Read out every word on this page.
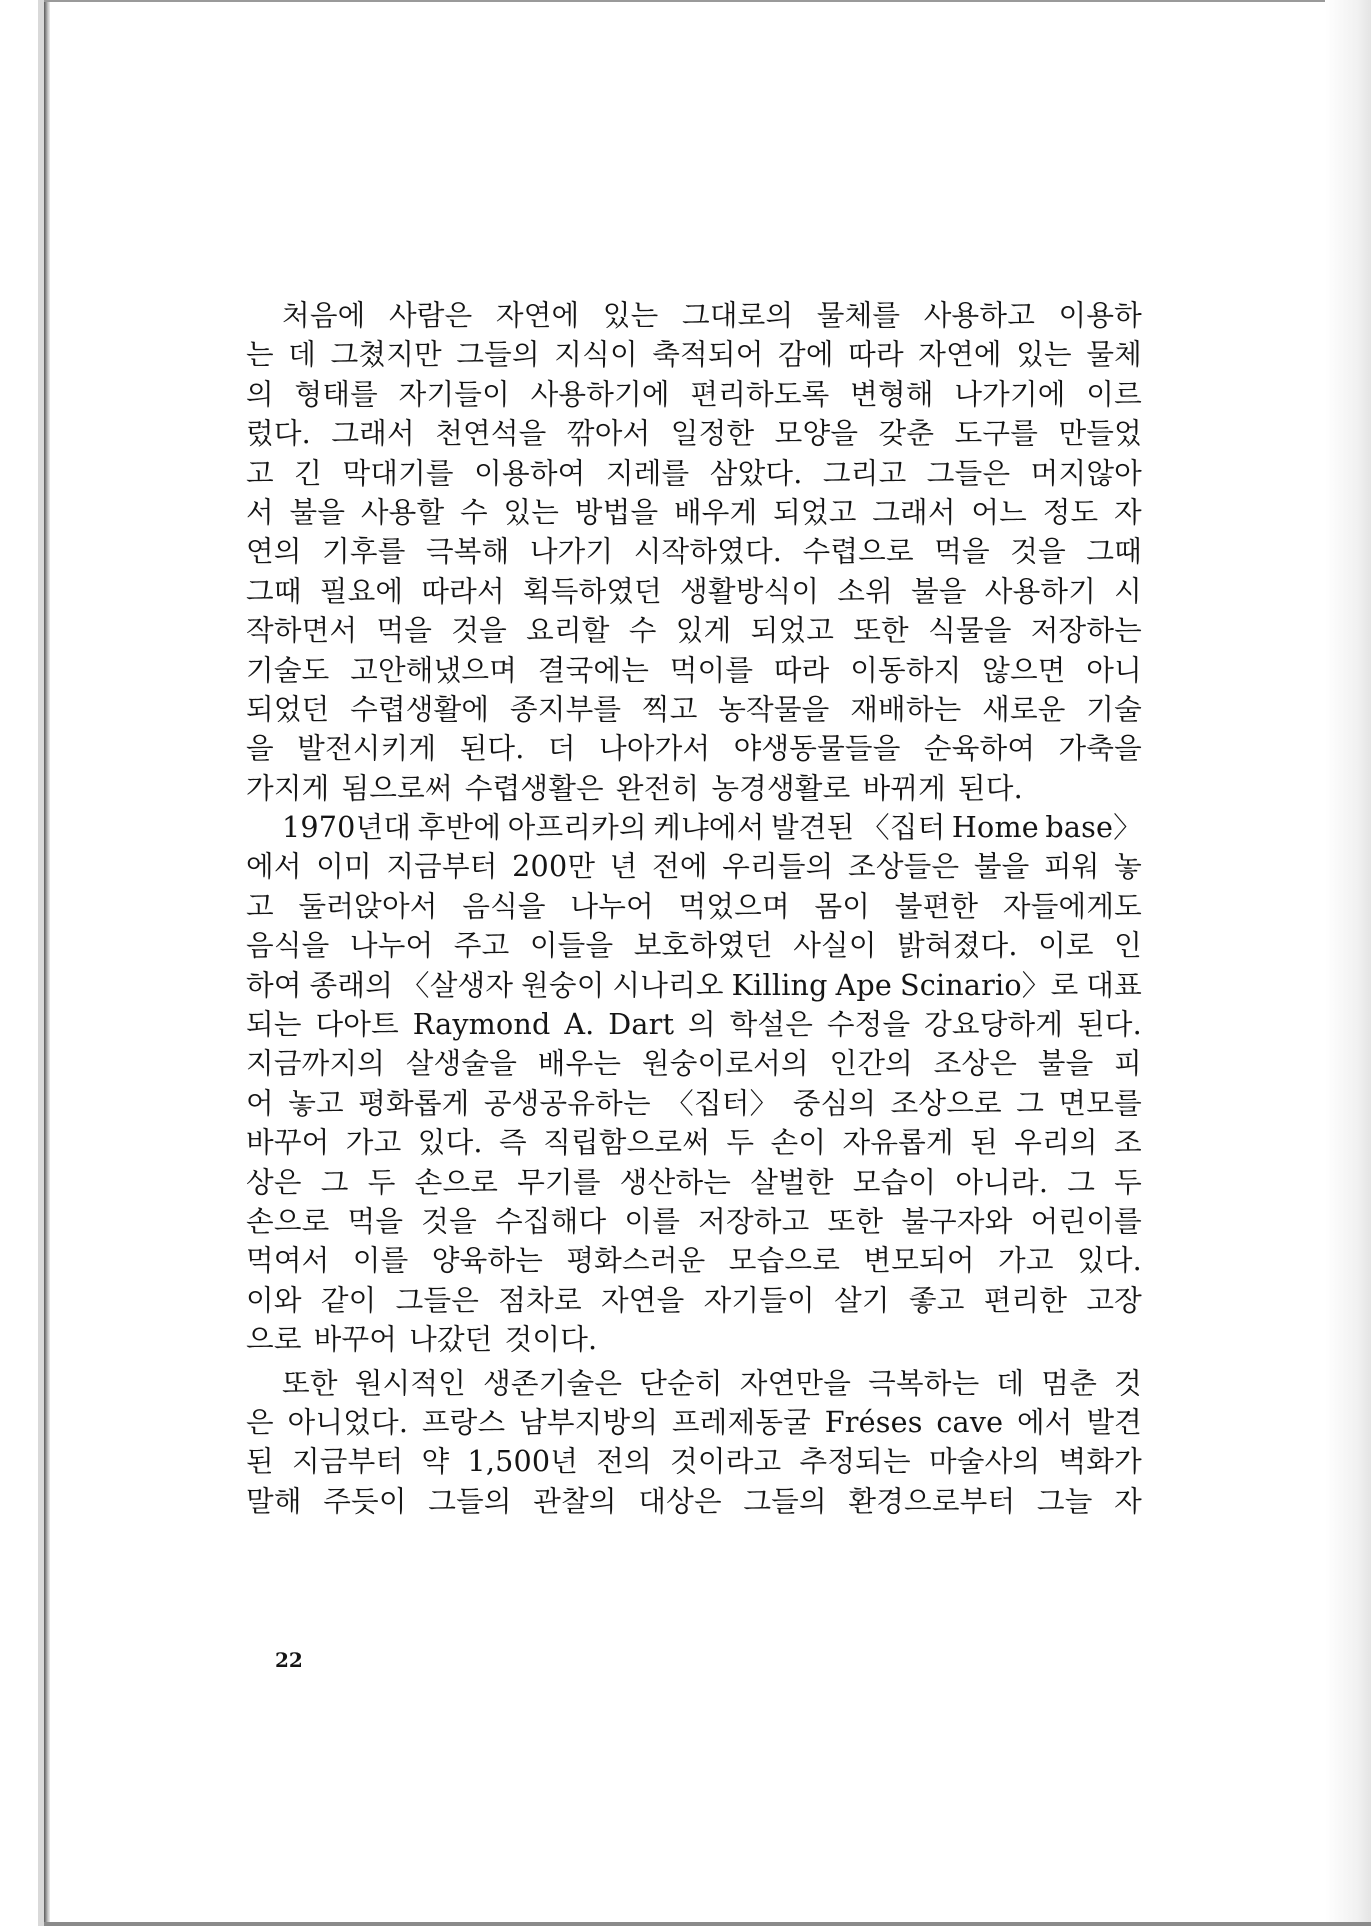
처음에 사람은 자연에 있는 그대로의 물체를 사용하고 이용하
는 데 그쳤지만 그들의 지식이 축적되어 감에 따라 자연에 있는 물체
의 형태를 자기들이 사용하기에 편리하도록 변형해 나가기에 이르
렀다. 그래서 천연석을 깎아서 일정한 모양을 갖춘 도구를 만들었
고 긴 막대기를 이용하여 지레를 삼았다. 그리고 그들은 머지않아
서 불을 사용할 수 있는 방법을 배우게 되었고 그래서 어느 정도 자
연의 기후를 극복해 나가기 시작하였다. 수렵으로 먹을 것을 그때
그때 필요에 따라서 획득하였던 생활방식이 소위 불을 사용하기 시
작하면서 먹을 것을 요리할 수 있게 되었고 또한 식물을 저장하는
기술도 고안해냈으며 결국에는 먹이를 따라 이동하지 않으면 아니
되었던 수렵생활에 종지부를 찍고 농작물을 재배하는 새로운 기술
을 발전시키게 된다. 더 나아가서 야생동물들을 순육하여 가축을
가지게 됨으로써 수렵생활은 완전히 농경생활로 바뀌게 된다.
1970년대 후반에 아프리카의 케냐에서 발견된 〈집터 Home base〉
에서 이미 지금부터 200만 년 전에 우리들의 조상들은 불을 피워 놓
고 둘러앉아서 음식을 나누어 먹었으며 몸이 불편한 자들에게도
음식을 나누어 주고 이들을 보호하였던 사실이 밝혀졌다. 이로 인
하여 종래의 〈살생자 원숭이 시나리오 Killing Ape Scinario〉로 대표
되는 다아트 Raymond A. Dart 의 학설은 수정을 강요당하게 된다.
지금까지의 살생술을 배우는 원숭이로서의 인간의 조상은 불을 피
어 놓고 평화롭게 공생공유하는 〈집터〉 중심의 조상으로 그 면모를
바꾸어 가고 있다. 즉 직립함으로써 두 손이 자유롭게 된 우리의 조
상은 그 두 손으로 무기를 생산하는 살벌한 모습이 아니라. 그 두
손으로 먹을 것을 수집해다 이를 저장하고 또한 불구자와 어린이를
먹여서 이를 양육하는 평화스러운 모습으로 변모되어 가고 있다.
이와 같이 그들은 점차로 자연을 자기들이 살기 좋고 편리한 고장
으로 바꾸어 나갔던 것이다.
또한 원시적인 생존기술은 단순히 자연만을 극복하는 데 멈춘 것
은 아니었다. 프랑스 남부지방의 프레제동굴 Fréses cave 에서 발견
된 지금부터 약 1,500년 전의 것이라고 추정되는 마술사의 벽화가
말해 주듯이 그들의 관찰의 대상은 그들의 환경으로부터 그늘 자
22
